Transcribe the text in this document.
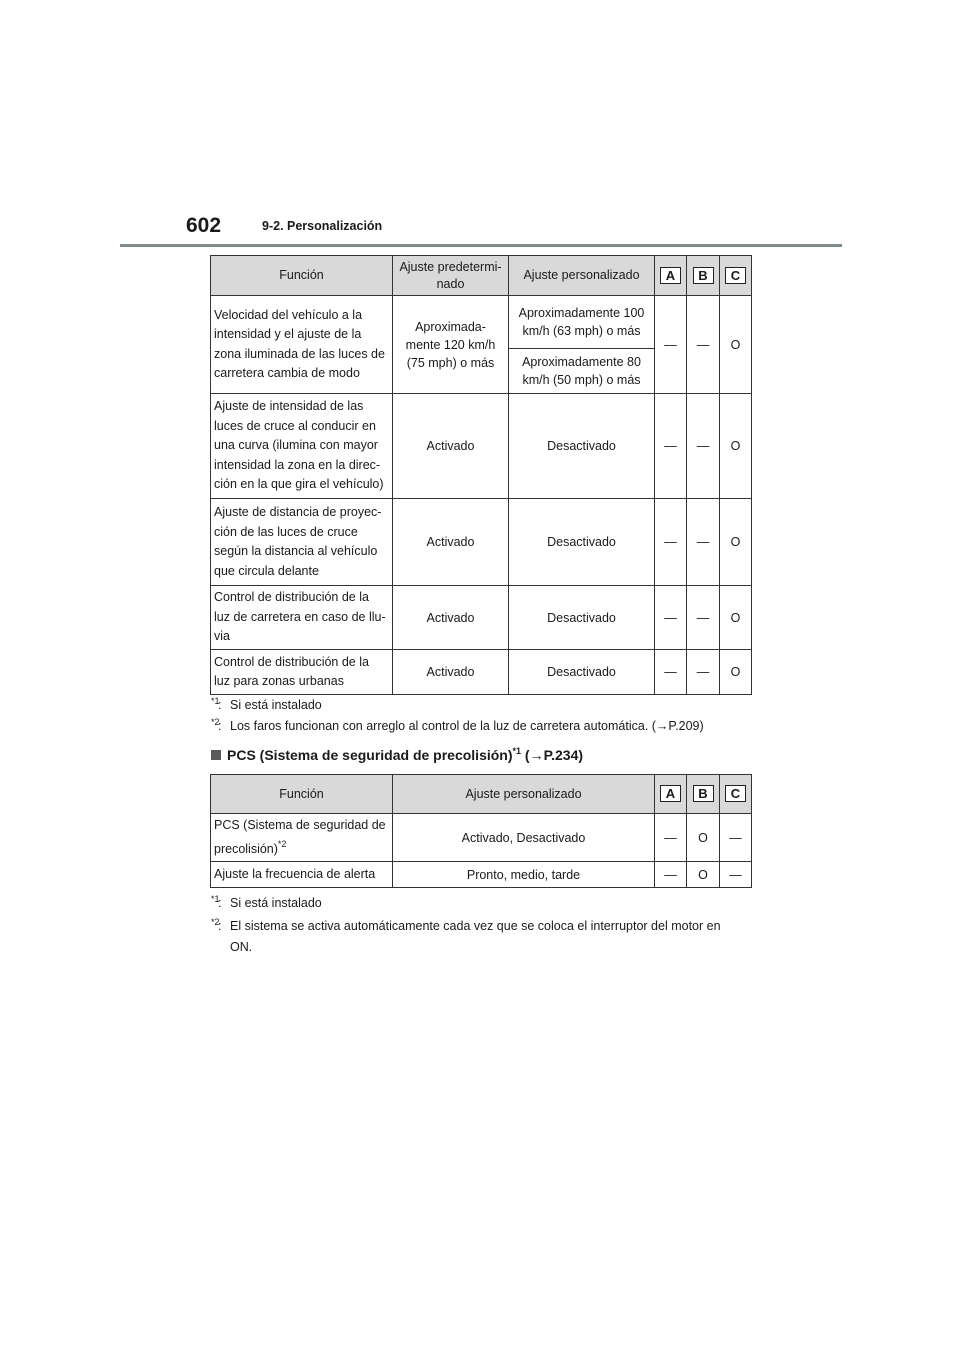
602	9-2. Personalización
Función	Ajuste predetermi-
nado	Ajuste personalizado	A	B	C
Velocidad del vehículo a la
intensidad y el ajuste de la
zona iluminada de las luces de
carretera cambia de modo	Aproximada-
mente 120 km/h
(75 mph) o más	Aproximadamente 100
km/h (63 mph) o más	—	—	O
		Aproximadamente 80
km/h (50 mph) o más			
Ajuste de intensidad de las
luces de cruce al conducir en
una curva (ilumina con mayor
intensidad la zona en la direc-
ción en la que gira el vehículo)	Activado	Desactivado	—	—	O
Ajuste de distancia de proyec-
ción de las luces de cruce
según la distancia al vehículo
que circula delante	Activado	Desactivado	—	—	O
Control de distribución de la
luz de carretera en caso de llu-
via	Activado	Desactivado	—	—	O
Control de distribución de la
luz para zonas urbanas	Activado	Desactivado	—	—	O
*1
: Si está instalado
*2
: Los faros funcionan con arreglo al control de la luz de carretera automática. (→P.209)
PCS (Sistema de seguridad de precolisión)$^{*1}$ (→P.234)
Función	Ajuste personalizado	A	B	C
PCS (Sistema de seguridad de
precolisión)$^{*2}$	Activado, Desactivado	—	O	—
Ajuste la frecuencia de alerta	Pronto, medio, tarde	—	O	—
*1
: Si está instalado
*2
: El sistema se activa automáticamente cada vez que se coloca el interruptor del motor en
ON.
